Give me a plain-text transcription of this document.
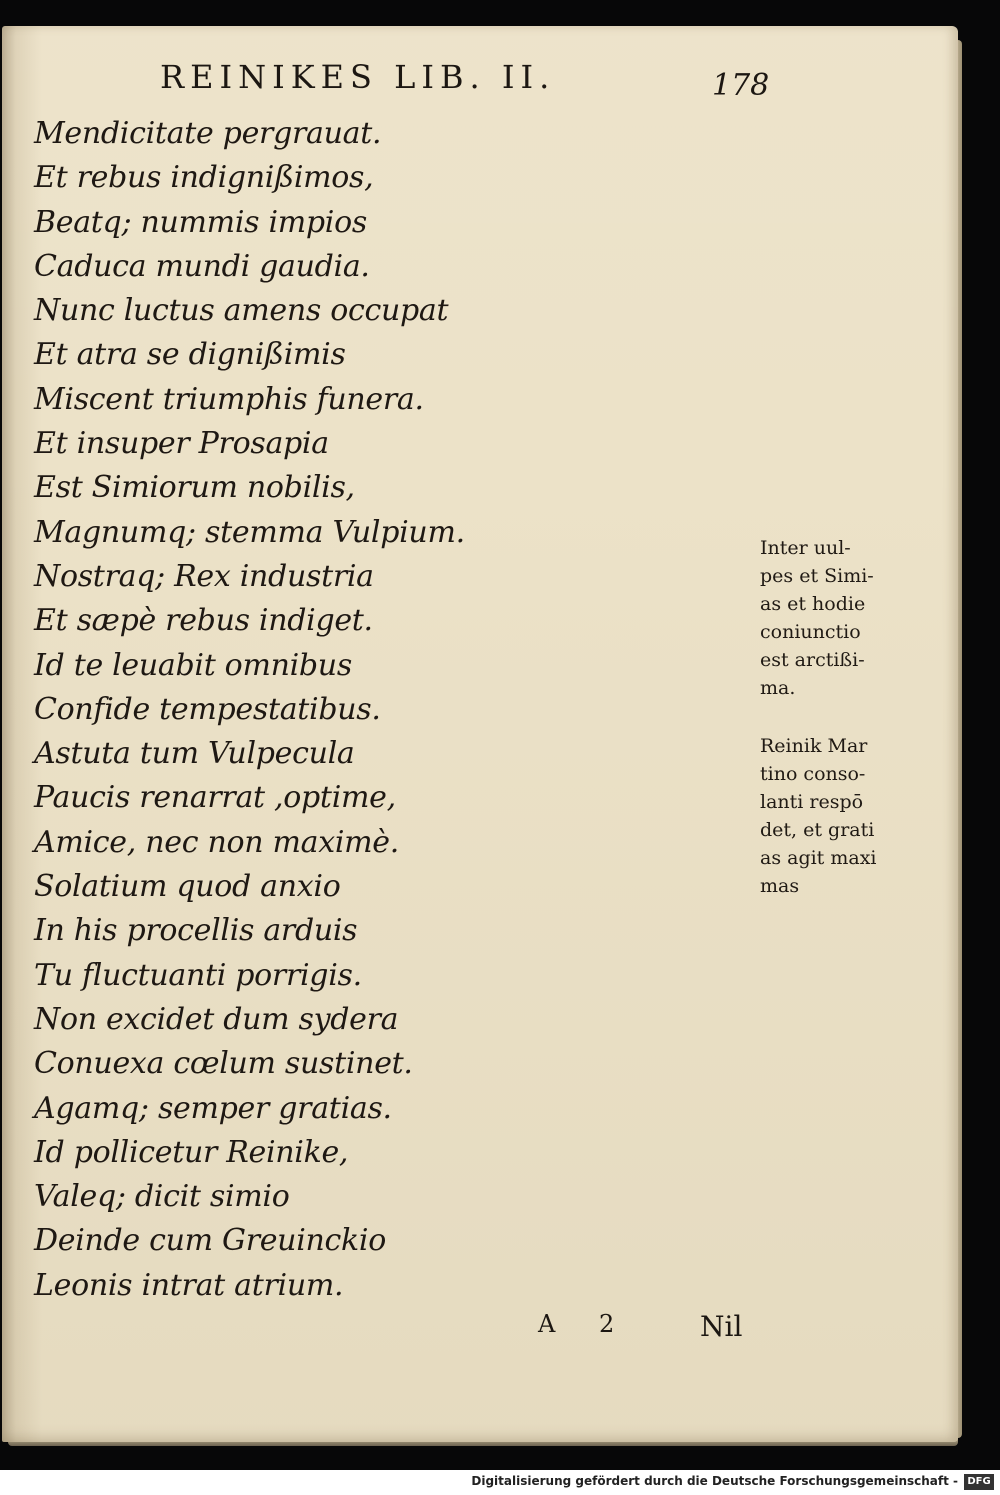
REINIKES LIB. II.	178
Mendicitate pergrauat.
Et rebus indignißimos,
Beatq; nummis impios
Caduca mundi gaudia.
Nunc luctus amens occupat
Et atra se dignißimis
Miscent triumphis funera.
Et insuper Prosapia
Est Simiorum nobilis,
Magnumq; stemma Vulpium.
Nostraq; Rex industria
Et sæpè rebus indiget.
Id te leuabit omnibus
Confide tempestatibus.
Astuta tum Vulpecula
Paucis renarrat ,optime,
Amice, nec non maximè.
Solatium quod anxio
In his procellis arduis
Tu fluctuanti porrigis.
Non excidet dum sydera
Conuexa cœlum sustinet.
Agamq; semper gratias.
Id pollicetur Reinike,
Valeq; dicit simio
Deinde cum Greuinckio
Leonis intrat atrium.
Inter uul-
pes et Simi-
as et hodie
coniunctio
est arctißi-
ma.
Reinik Mar
tino conso-
lanti respō
det, et grati
as agit maxi
mas
A 2 Nil
Digitalisierung gefördert durch die Deutsche Forschungsgemeinschaft - DFG
